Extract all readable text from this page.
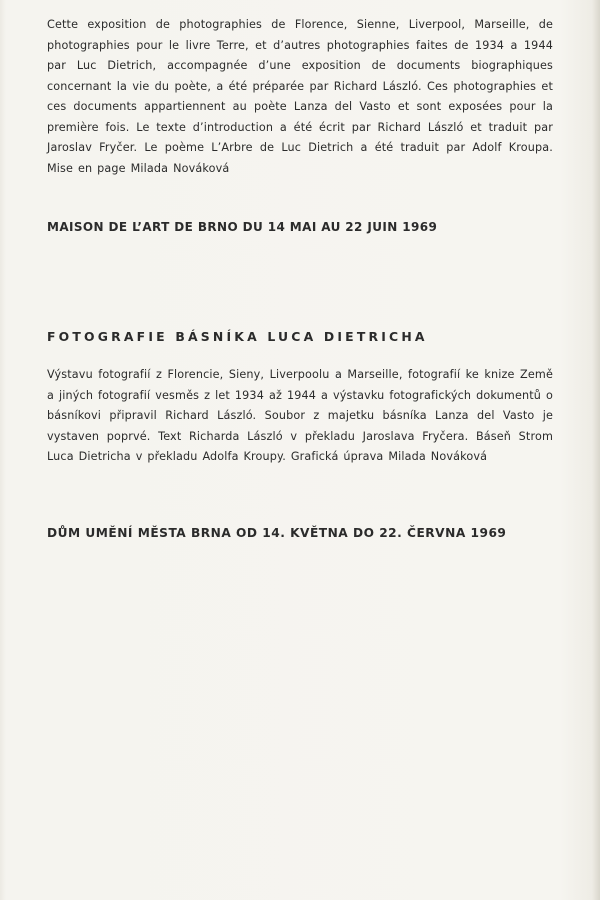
Cette exposition de photographies de Florence, Sienne, Liverpool, Marseille, de photographies pour le livre Terre, et d’autres photographies faites de 1934 a 1944 par Luc Dietrich, accompagnée d’une exposition de documents biographiques concernant la vie du poète, a été préparée par Richard László. Ces photographies et ces documents appartiennent au poète Lanza del Vasto et sont exposées pour la première fois. Le texte d’introduction a été écrit par Richard László et traduit par Jaroslav Fryčer. Le poème L’Arbre de Luc Dietrich a été traduit par Adolf Kroupa. Mise en page Milada Nováková

MAISON DE L’ART DE BRNO DU 14 MAI AU 22 JUIN 1969
FOTOGRAFIE BÁSNÍKA LUCA DIETRICHA

Výstavu fotografií z Florencie, Sieny, Liverpoolu a Marseille, fotografií ke knize Země a jiných fotografií vesměs z let 1934 až 1944 a výstavku fotografických dokumentů o básníkovi připravil Richard László. Soubor z majetku básníka Lanza del Vasto je vystaven poprvé. Text Richarda László v překladu Jaroslava Fryčera. Báseň Strom Luca Dietricha v překladu Adolfa Kroupy. Grafická úprava Milada Nováková

DŮM UMĚNÍ MĚSTA BRNA OD 14. KVĚTNA DO 22. ČERVNA 1969
